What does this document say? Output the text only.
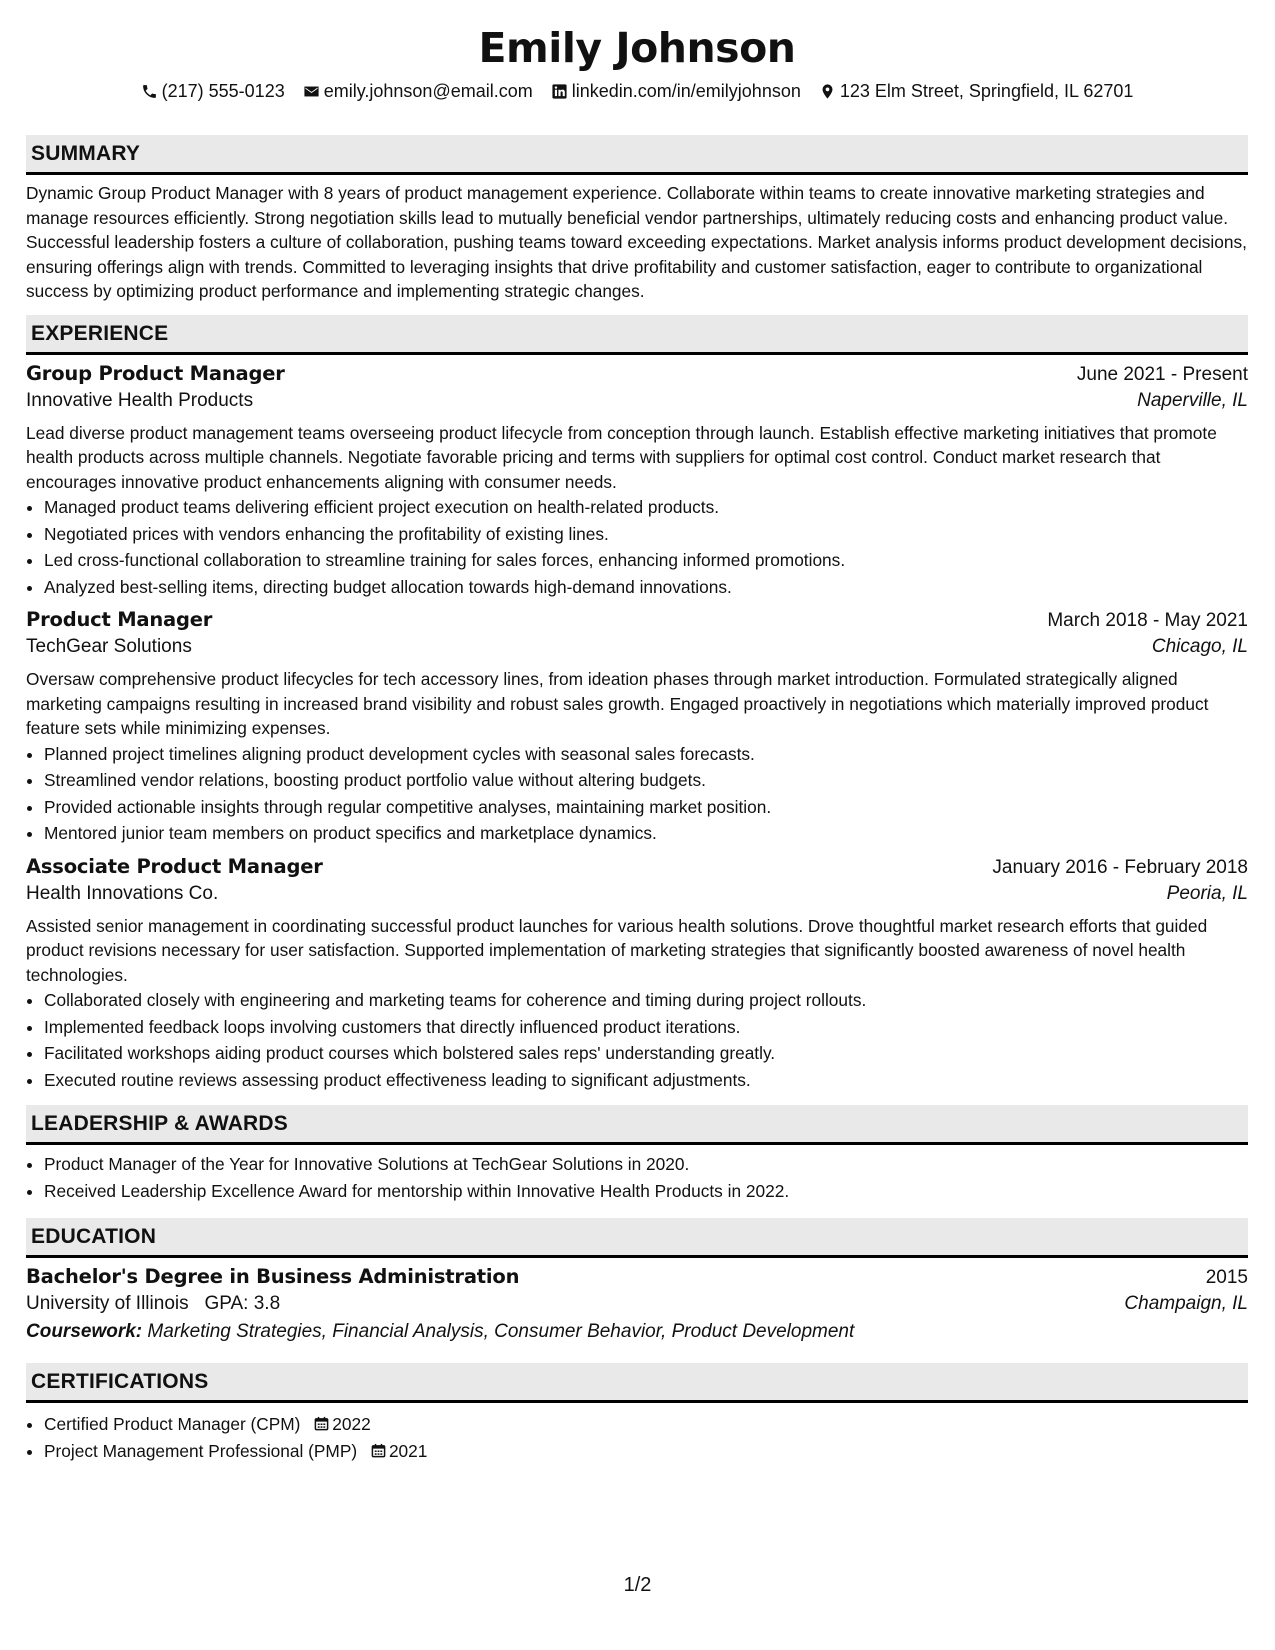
Emily Johnson
(217) 555-0123 emily.johnson@email.com linkedin.com/in/emilyjohnson 123 Elm Street, Springfield, IL 62701
SUMMARY

Dynamic Group Product Manager with 8 years of product management experience. Collaborate within teams to create innovative marketing strategies and manage resources efficiently. Strong negotiation skills lead to mutually beneficial vendor partnerships, ultimately reducing costs and enhancing product value. Successful leadership fosters a culture of collaboration, pushing teams toward exceeding expectations. Market analysis informs product development decisions, ensuring offerings align with trends. Committed to leveraging insights that drive profitability and customer satisfaction, eager to contribute to organizational success by optimizing product performance and implementing strategic changes.

EXPERIENCE
Group Product Manager	June 2021 - Present
Innovative Health Products	Naperville, IL

Lead diverse product management teams overseeing product lifecycle from conception through launch. Establish effective marketing initiatives that promote health products across multiple channels. Negotiate favorable pricing and terms with suppliers for optimal cost control. Conduct market research that encourages innovative product enhancements aligning with consumer needs.

• Managed product teams delivering efficient project execution on health-related products.
• Negotiated prices with vendors enhancing the profitability of existing lines.
• Led cross-functional collaboration to streamline training for sales forces, enhancing informed promotions.
• Analyzed best-selling items, directing budget allocation towards high-demand innovations.
Product Manager	March 2018 - May 2021
TechGear Solutions	Chicago, IL

Oversaw comprehensive product lifecycles for tech accessory lines, from ideation phases through market introduction. Formulated strategically aligned marketing campaigns resulting in increased brand visibility and robust sales growth. Engaged proactively in negotiations which materially improved product feature sets while minimizing expenses.

• Planned project timelines aligning product development cycles with seasonal sales forecasts.
• Streamlined vendor relations, boosting product portfolio value without altering budgets.
• Provided actionable insights through regular competitive analyses, maintaining market position.
• Mentored junior team members on product specifics and marketplace dynamics.
Associate Product Manager	January 2016 - February 2018
Health Innovations Co.	Peoria, IL

Assisted senior management in coordinating successful product launches for various health solutions. Drove thoughtful market research efforts that guided product revisions necessary for user satisfaction. Supported implementation of marketing strategies that significantly boosted awareness of novel health technologies.

• Collaborated closely with engineering and marketing teams for coherence and timing during project rollouts.
• Implemented feedback loops involving customers that directly influenced product iterations.
• Facilitated workshops aiding product courses which bolstered sales reps' understanding greatly.
• Executed routine reviews assessing product effectiveness leading to significant adjustments.
LEADERSHIP & AWARDS
• Product Manager of the Year for Innovative Solutions at TechGear Solutions in 2020.
• Received Leadership Excellence Award for mentorship within Innovative Health Products in 2022.
EDUCATION
Bachelor's Degree in Business Administration	2015
University of Illinois GPA: 3.8	Champaign, IL
Coursework: Marketing Strategies, Financial Analysis, Consumer Behavior, Product Development
CERTIFICATIONS
• Certified Product Manager (CPM) 2022
• Project Management Professional (PMP) 2021
1/2
